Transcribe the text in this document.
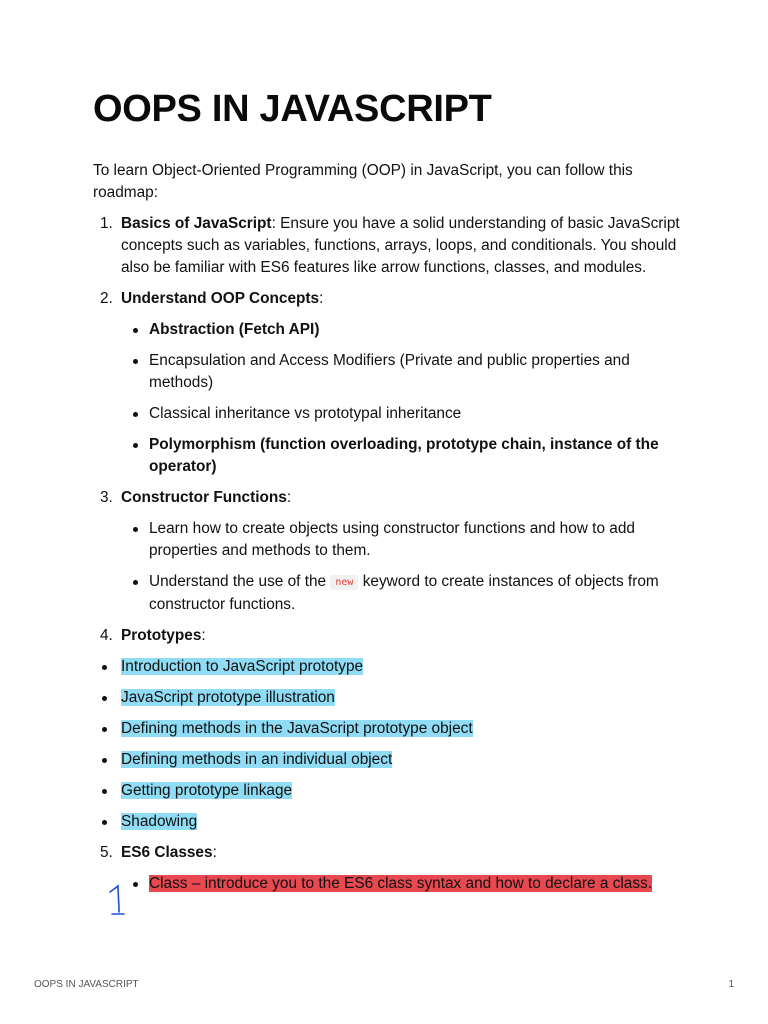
OOPS IN JAVASCRIPT

To learn Object-Oriented Programming (OOP) in JavaScript, you can follow this roadmap:

1. Basics of JavaScript: Ensure you have a solid understanding of basic JavaScript concepts such as variables, functions, arrays, loops, and conditionals. You should also be familiar with ES6 features like arrow functions, classes, and modules.
2. Understand OOP Concepts:
Abstraction (Fetch API)
Encapsulation and Access Modifiers (Private and public properties and methods)
Classical inheritance vs prototypal inheritance
Polymorphism (function overloading, prototype chain, instance of the operator)
3. Constructor Functions:
Learn how to create objects using constructor functions and how to add properties and methods to them.
Understand the use of the new keyword to create instances of objects from constructor functions.
4. Prototypes:
Introduction to JavaScript prototype
JavaScript prototype illustration
Defining methods in the JavaScript prototype object
Defining methods in an individual object
Getting prototype linkage
Shadowing
5. ES6 Classes:
Class – introduce you to the ES6 class syntax and how to declare a class.
OOPS IN JAVASCRIPT	1
